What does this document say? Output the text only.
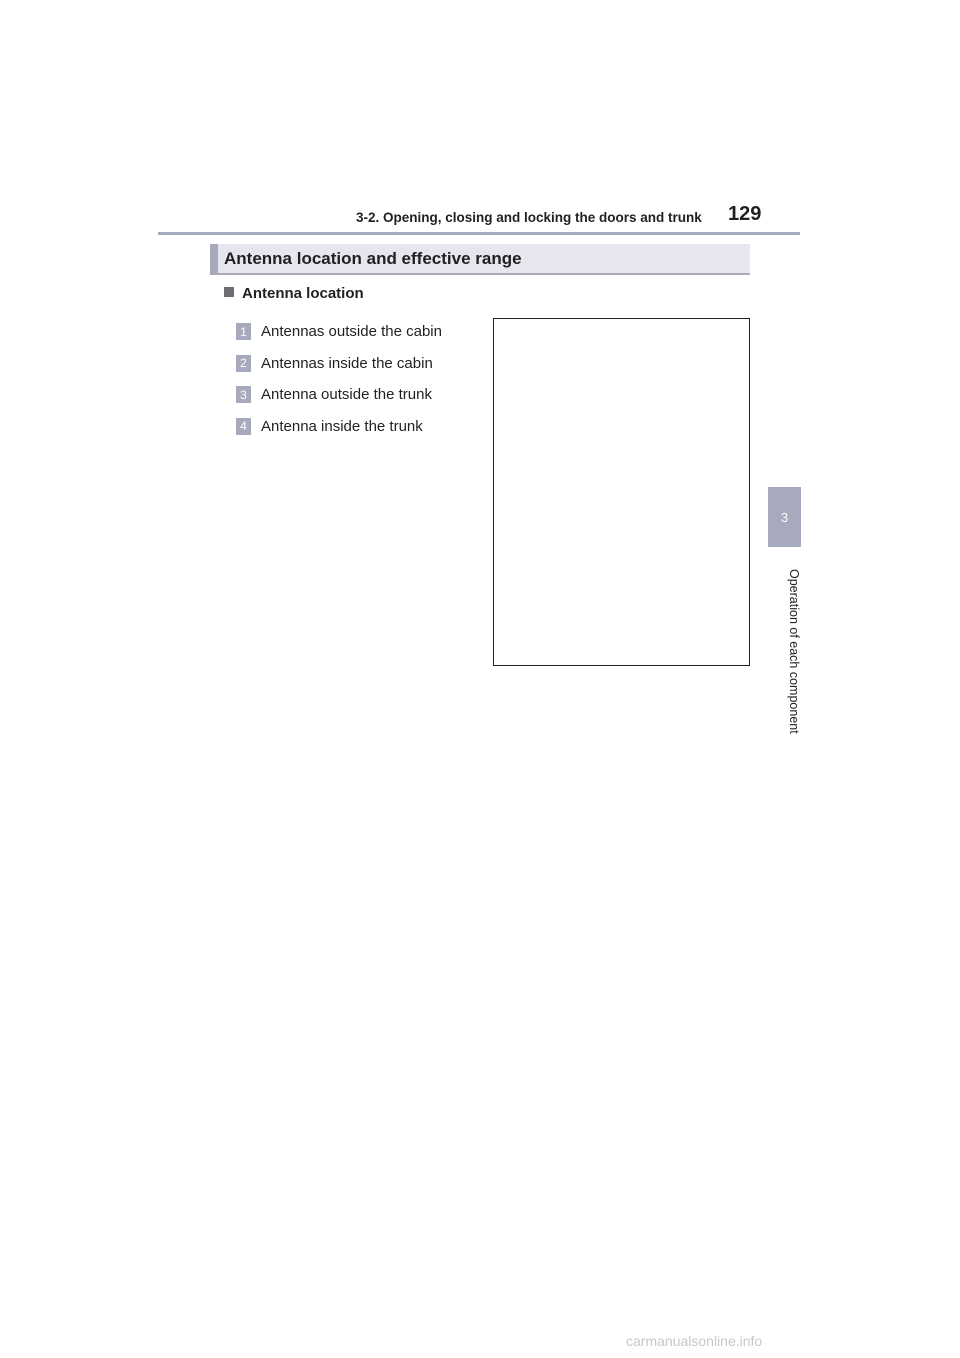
3-2. Opening, closing and locking the doors and trunk 129
3
Operation of each component
Antenna location and effective range
Antenna location
1 Antennas outside the cabin
2 Antennas inside the cabin
3 Antenna outside the trunk
4 Antenna inside the trunk
carmanualsonline.info
